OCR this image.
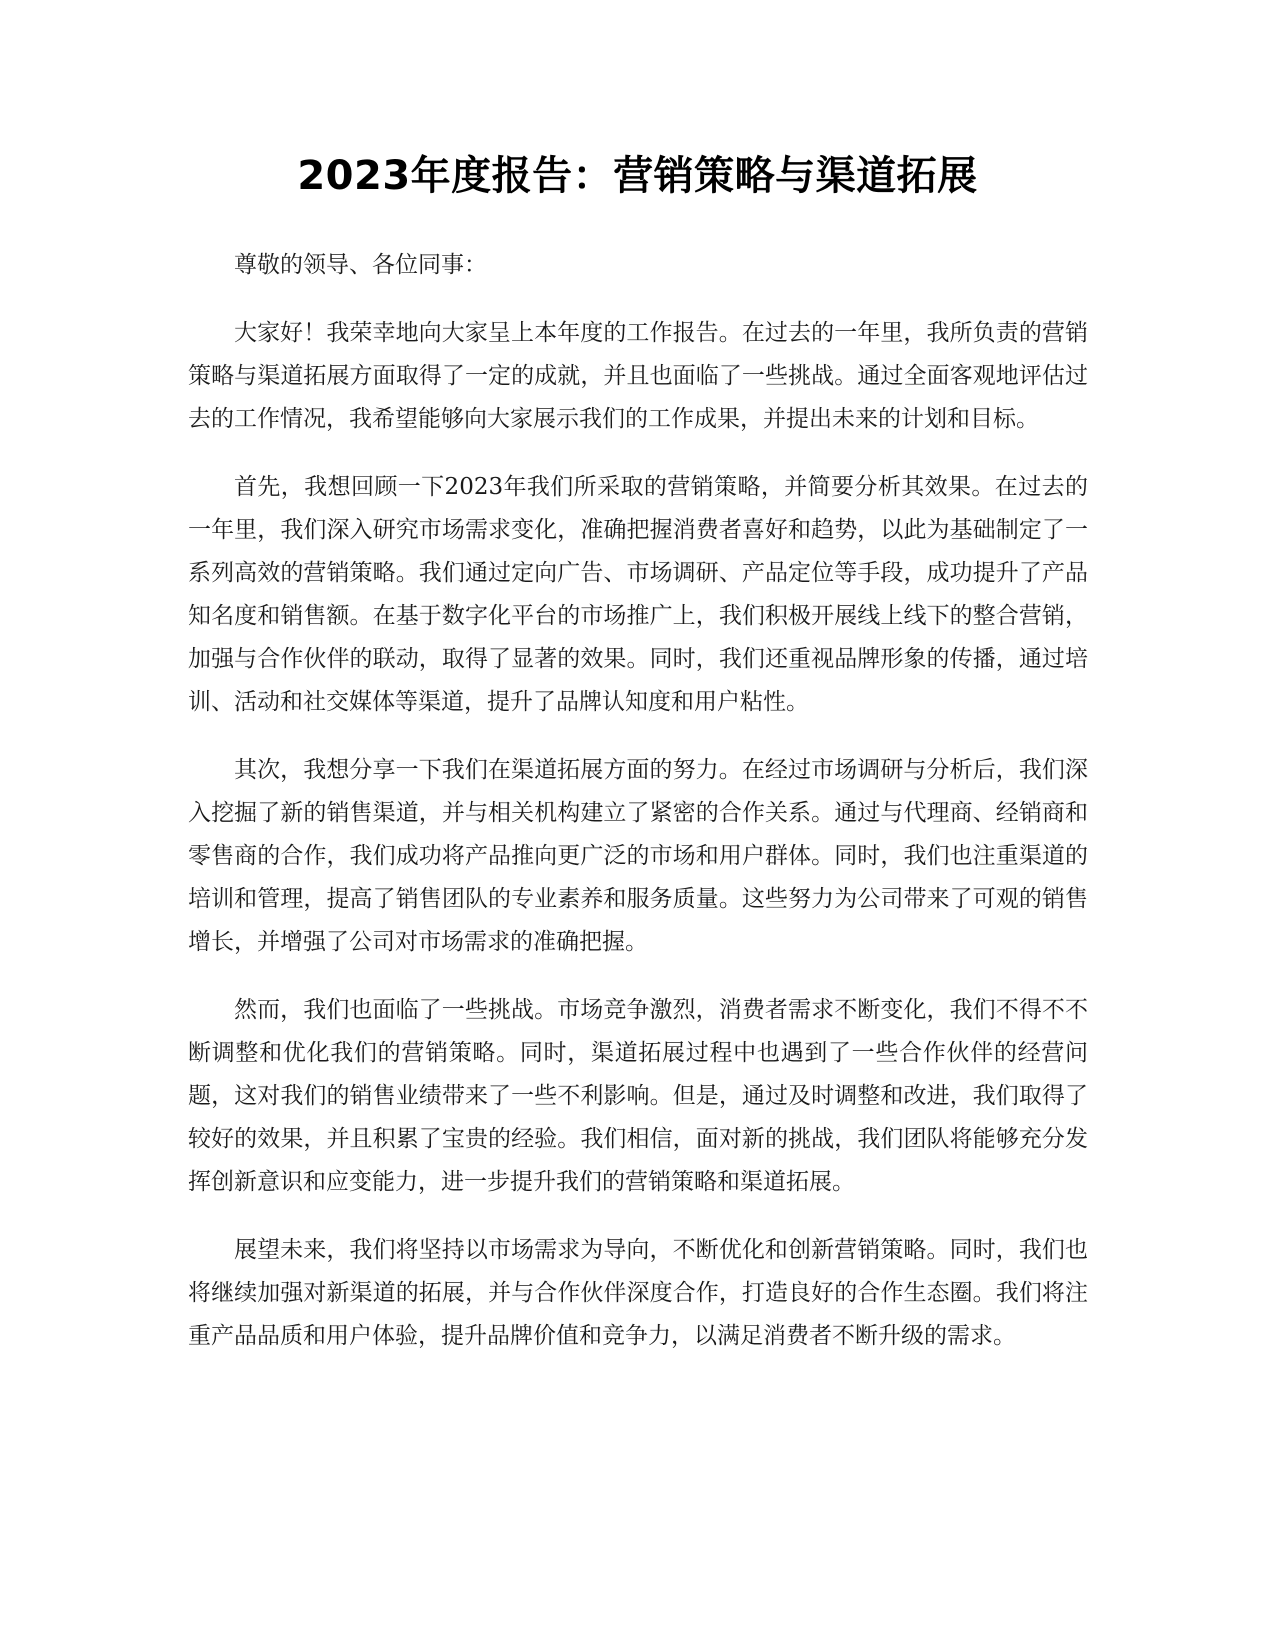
2023年度报告：营销策略与渠道拓展

尊敬的领导、各位同事：

大家好！我荣幸地向大家呈上本年度的工作报告。在过去的一年里，我所负责的营销策略与渠道拓展方面取得了一定的成就，并且也面临了一些挑战。通过全面客观地评估过去的工作情况，我希望能够向大家展示我们的工作成果，并提出未来的计划和目标。

首先，我想回顾一下2023年我们所采取的营销策略，并简要分析其效果。在过去的一年里，我们深入研究市场需求变化，准确把握消费者喜好和趋势，以此为基础制定了一系列高效的营销策略。我们通过定向广告、市场调研、产品定位等手段，成功提升了产品知名度和销售额。在基于数字化平台的市场推广上，我们积极开展线上线下的整合营销，加强与合作伙伴的联动，取得了显著的效果。同时，我们还重视品牌形象的传播，通过培训、活动和社交媒体等渠道，提升了品牌认知度和用户粘性。

其次，我想分享一下我们在渠道拓展方面的努力。在经过市场调研与分析后，我们深入挖掘了新的销售渠道，并与相关机构建立了紧密的合作关系。通过与代理商、经销商和零售商的合作，我们成功将产品推向更广泛的市场和用户群体。同时，我们也注重渠道的培训和管理，提高了销售团队的专业素养和服务质量。这些努力为公司带来了可观的销售增长，并增强了公司对市场需求的准确把握。

然而，我们也面临了一些挑战。市场竞争激烈，消费者需求不断变化，我们不得不不断调整和优化我们的营销策略。同时，渠道拓展过程中也遇到了一些合作伙伴的经营问题，这对我们的销售业绩带来了一些不利影响。但是，通过及时调整和改进，我们取得了较好的效果，并且积累了宝贵的经验。我们相信，面对新的挑战，我们团队将能够充分发挥创新意识和应变能力，进一步提升我们的营销策略和渠道拓展。

展望未来，我们将坚持以市场需求为导向，不断优化和创新营销策略。同时，我们也将继续加强对新渠道的拓展，并与合作伙伴深度合作，打造良好的合作生态圈。我们将注重产品品质和用户体验，提升品牌价值和竞争力，以满足消费者不断升级的需求。
